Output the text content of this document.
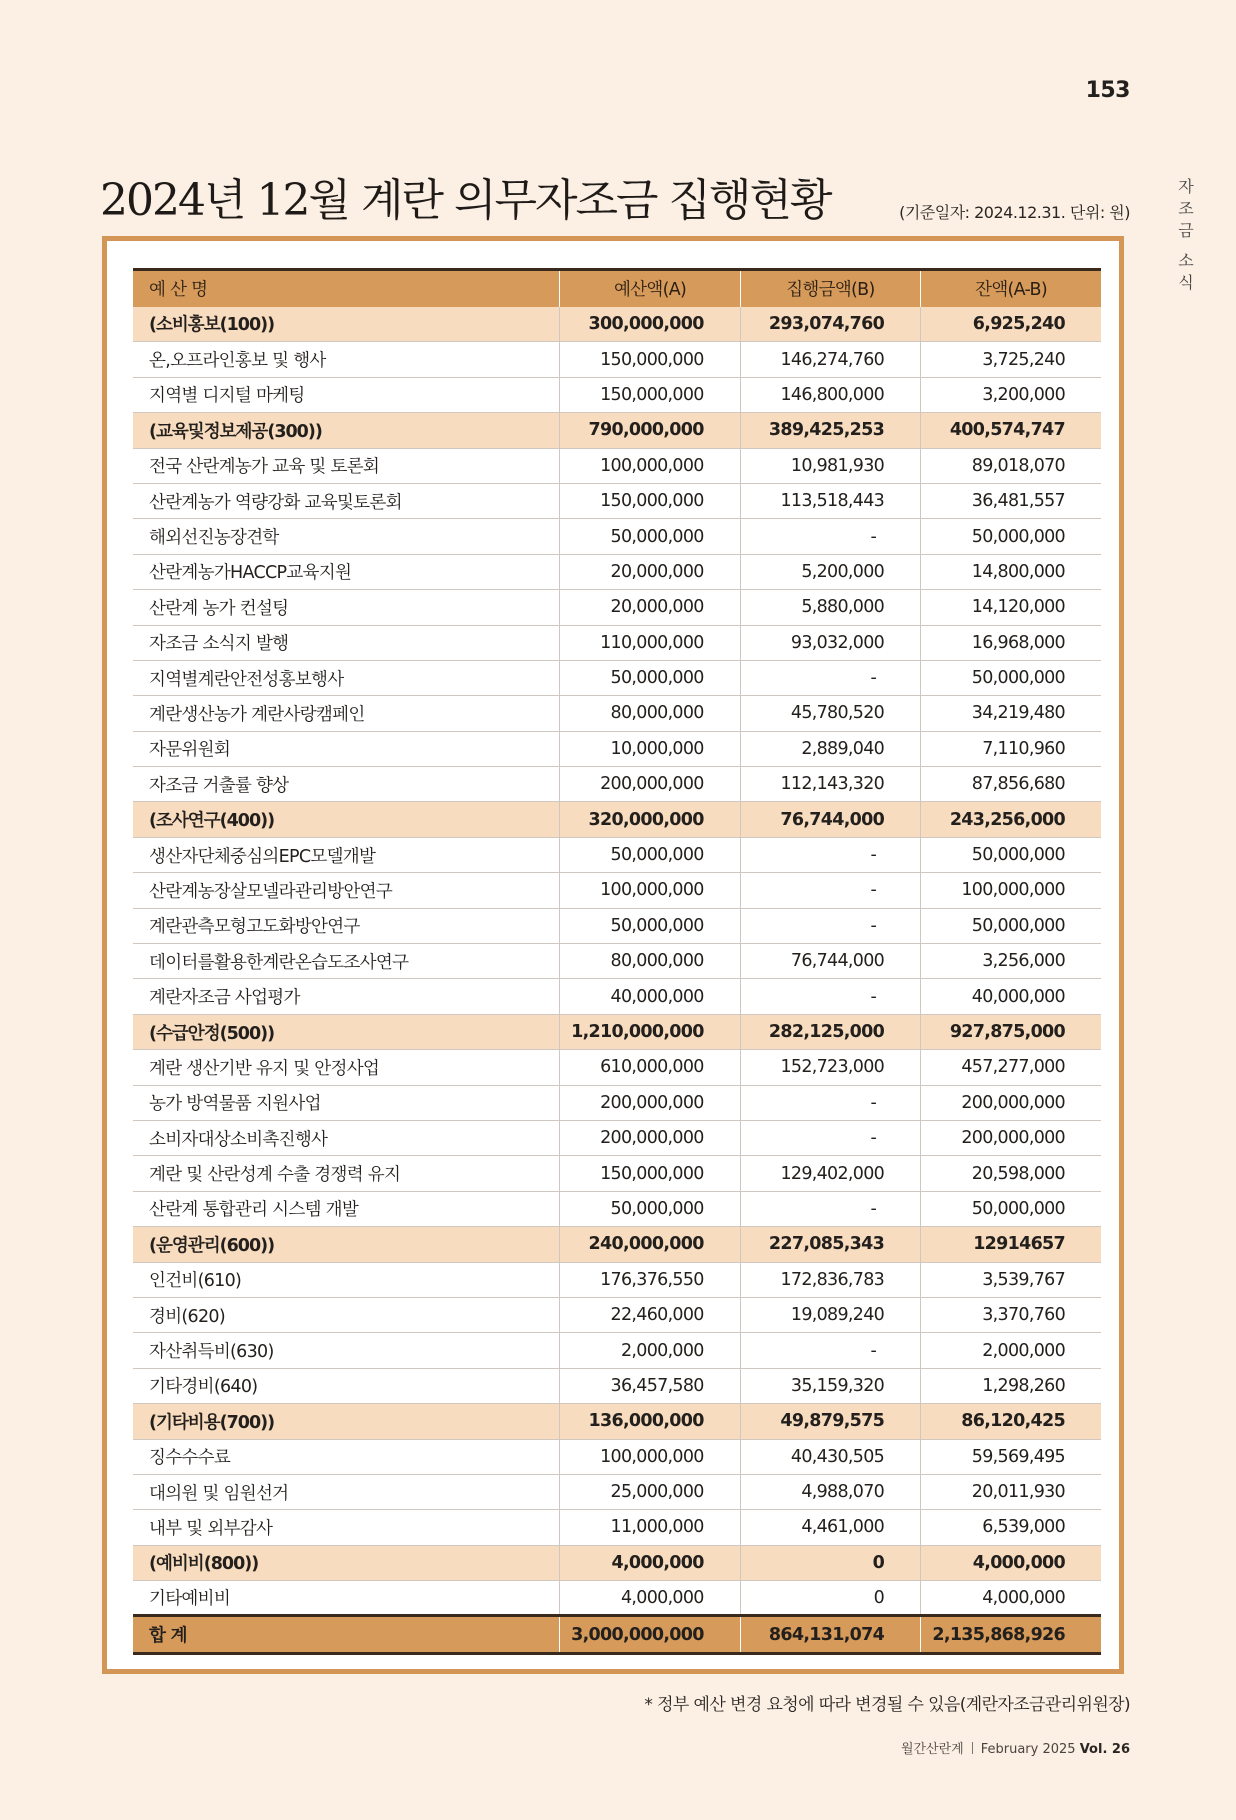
153
자
조
금
소
식
2024년 12월 계란 의무자조금 집행현황	(기준일자: 2024.12.31. 단위: 원)
예 산 명	예산액(A)	집행금액(B)	잔액(A-B)
(소비홍보(100))	300,000,000	293,074,760	6,925,240
온,오프라인홍보 및 행사	150,000,000	146,274,760	3,725,240
지역별 디지털 마케팅	150,000,000	146,800,000	3,200,000
(교육및정보제공(300))	790,000,000	389,425,253	400,574,747
전국 산란계농가 교육 및 토론회	100,000,000	10,981,930	89,018,070
산란계농가 역량강화 교육및토론회	150,000,000	113,518,443	36,481,557
해외선진농장견학	50,000,000	-	50,000,000
산란계농가HACCP교육지원	20,000,000	5,200,000	14,800,000
산란계 농가 컨설팅	20,000,000	5,880,000	14,120,000
자조금 소식지 발행	110,000,000	93,032,000	16,968,000
지역별계란안전성홍보행사	50,000,000	-	50,000,000
계란생산농가 계란사랑캠페인	80,000,000	45,780,520	34,219,480
자문위원회	10,000,000	2,889,040	7,110,960
자조금 거출률 향상	200,000,000	112,143,320	87,856,680
(조사연구(400))	320,000,000	76,744,000	243,256,000
생산자단체중심의EPC모델개발	50,000,000	-	50,000,000
산란계농장살모넬라관리방안연구	100,000,000	-	100,000,000
계란관측모형고도화방안연구	50,000,000	-	50,000,000
데이터를활용한계란온습도조사연구	80,000,000	76,744,000	3,256,000
계란자조금 사업평가	40,000,000	-	40,000,000
(수급안정(500))	1,210,000,000	282,125,000	927,875,000
계란 생산기반 유지 및 안정사업	610,000,000	152,723,000	457,277,000
농가 방역물품 지원사업	200,000,000	-	200,000,000
소비자대상소비촉진행사	200,000,000	-	200,000,000
계란 및 산란성계 수출 경쟁력 유지	150,000,000	129,402,000	20,598,000
산란계 통합관리 시스템 개발	50,000,000	-	50,000,000
(운영관리(600))	240,000,000	227,085,343	12914657
인건비(610)	176,376,550	172,836,783	3,539,767
경비(620)	22,460,000	19,089,240	3,370,760
자산취득비(630)	2,000,000	-	2,000,000
기타경비(640)	36,457,580	35,159,320	1,298,260
(기타비용(700))	136,000,000	49,879,575	86,120,425
징수수수료	100,000,000	40,430,505	59,569,495
대의원 및 임원선거	25,000,000	4,988,070	20,011,930
내부 및 외부감사	11,000,000	4,461,000	6,539,000
(예비비(800))	4,000,000	0	4,000,000
기타예비비	4,000,000	0	4,000,000
합 계	3,000,000,000	864,131,074	2,135,868,926
* 정부 예산 변경 요청에 따라 변경될 수 있음(계란자조금관리위원장)
월간산란계 February 2025 Vol. 26
